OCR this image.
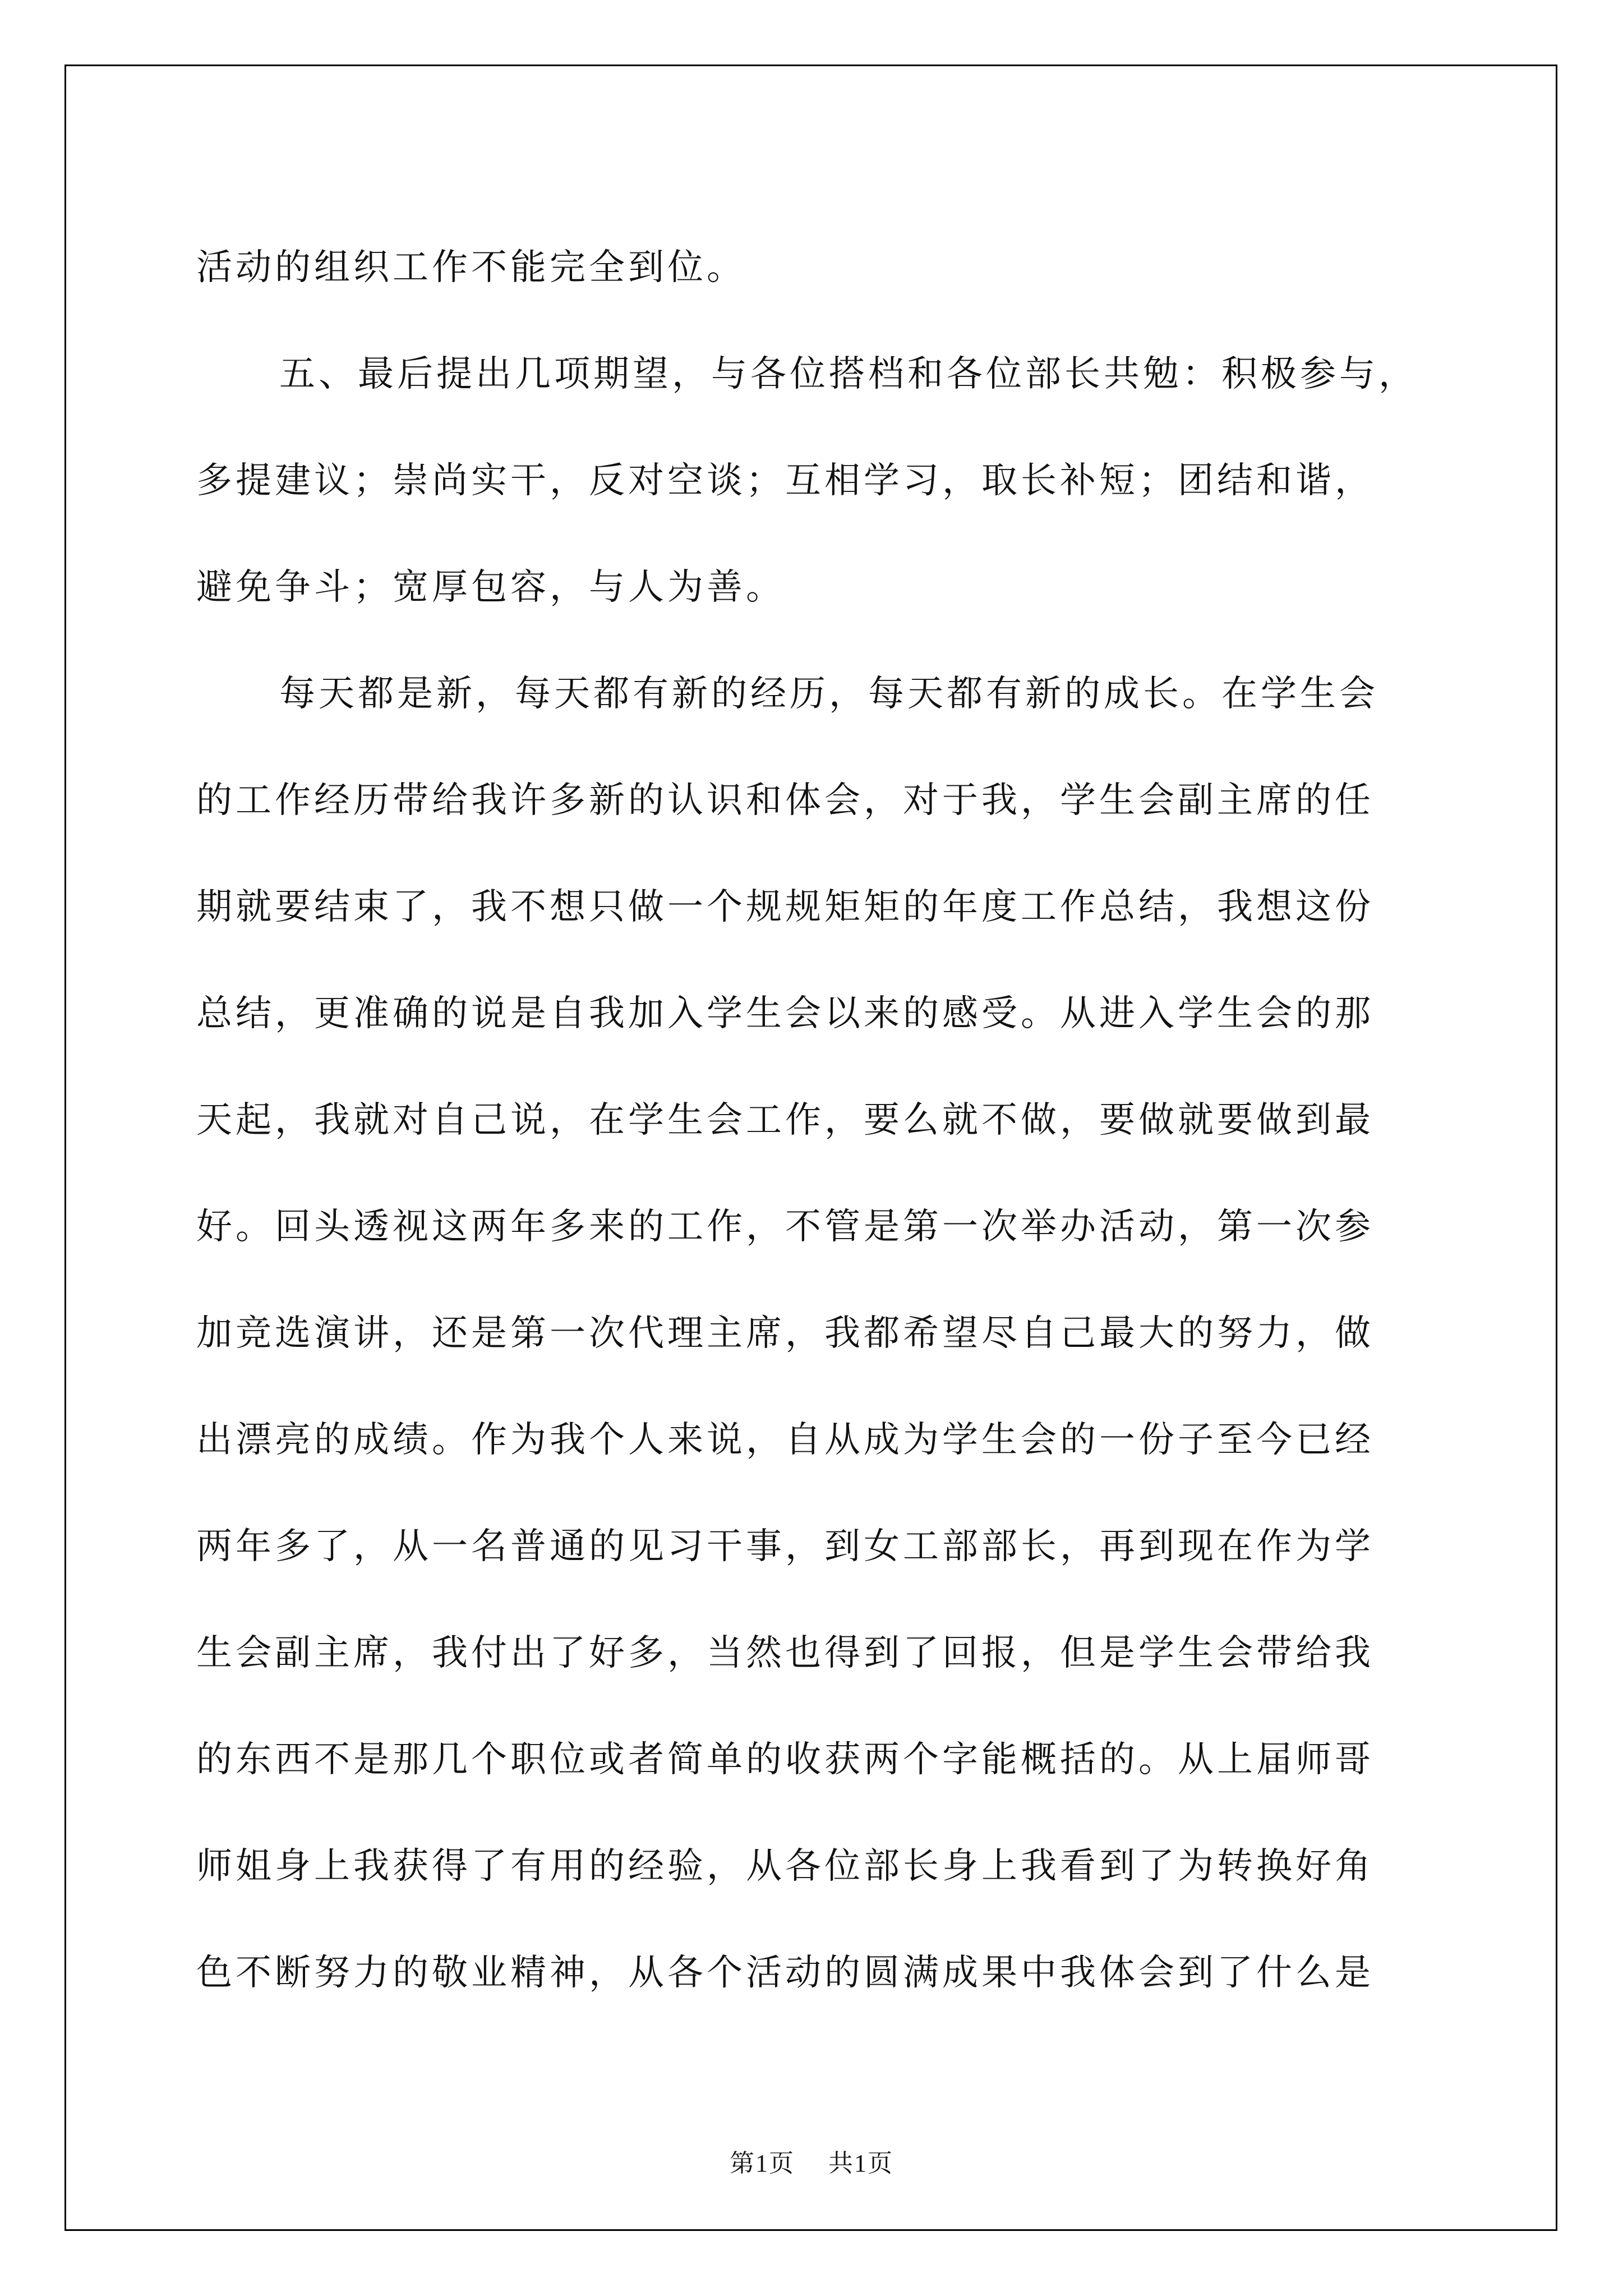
活动的组织工作不能完全到位。
五、最后提出几项期望，与各位搭档和各位部长共勉：积极参与，
多提建议；崇尚实干，反对空谈；互相学习，取长补短；团结和谐，
避免争斗；宽厚包容，与人为善。
每天都是新，每天都有新的经历，每天都有新的成长。在学生会
的工作经历带给我许多新的认识和体会，对于我，学生会副主席的任
期就要结束了，我不想只做一个规规矩矩的年度工作总结，我想这份
总结，更准确的说是自我加入学生会以来的感受。从进入学生会的那
天起，我就对自己说，在学生会工作，要么就不做，要做就要做到最
好。回头透视这两年多来的工作，不管是第一次举办活动，第一次参
加竞选演讲，还是第一次代理主席，我都希望尽自己最大的努力，做
出漂亮的成绩。作为我个人来说，自从成为学生会的一份子至今已经
两年多了，从一名普通的见习干事，到女工部部长，再到现在作为学
生会副主席，我付出了好多，当然也得到了回报，但是学生会带给我
的东西不是那几个职位或者简单的收获两个字能概括的。从上届师哥
师姐身上我获得了有用的经验，从各位部长身上我看到了为转换好角
色不断努力的敬业精神，从各个活动的圆满成果中我体会到了什么是
第1页 共1页
